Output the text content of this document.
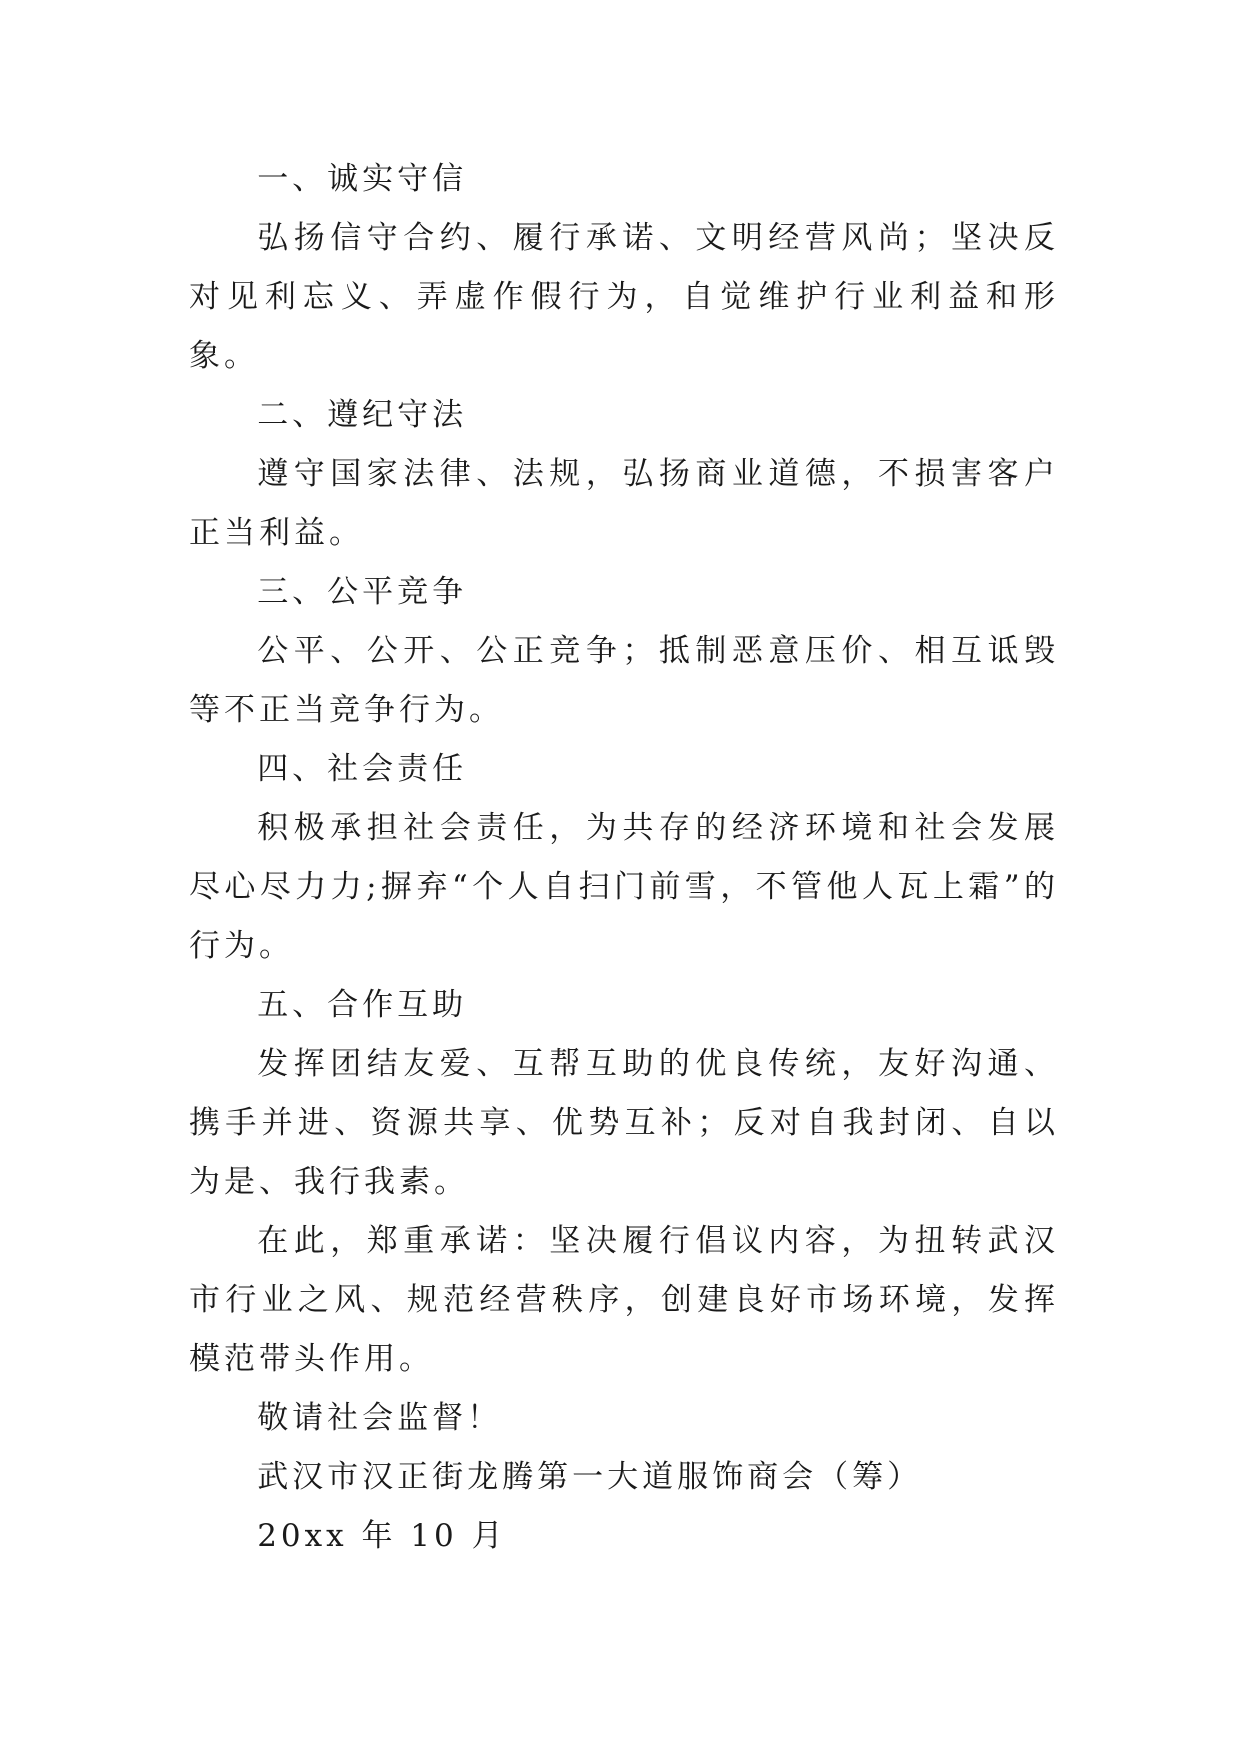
一、诚实守信

弘扬信守合约、履行承诺、文明经营风尚；坚决反对见利忘义、弄虚作假行为，自觉维护行业利益和形象。

二、遵纪守法

遵守国家法律、法规，弘扬商业道德，不损害客户正当利益。

三、公平竞争

公平、公开、公正竞争；抵制恶意压价、相互诋毁等不正当竞争行为。

四、社会责任

积极承担社会责任，为共存的经济环境和社会发展尽心尽力力;摒弃“个人自扫门前雪，不管他人瓦上霜”的行为。

五、合作互助

发挥团结友爱、互帮互助的优良传统，友好沟通、携手并进、资源共享、优势互补；反对自我封闭、自以为是、我行我素。

在此，郑重承诺：坚决履行倡议内容，为扭转武汉市行业之风、规范经营秩序，创建良好市场环境，发挥模范带头作用。

敬请社会监督！

武汉市汉正街龙腾第一大道服饰商会（筹）

20xx 年 10 月
